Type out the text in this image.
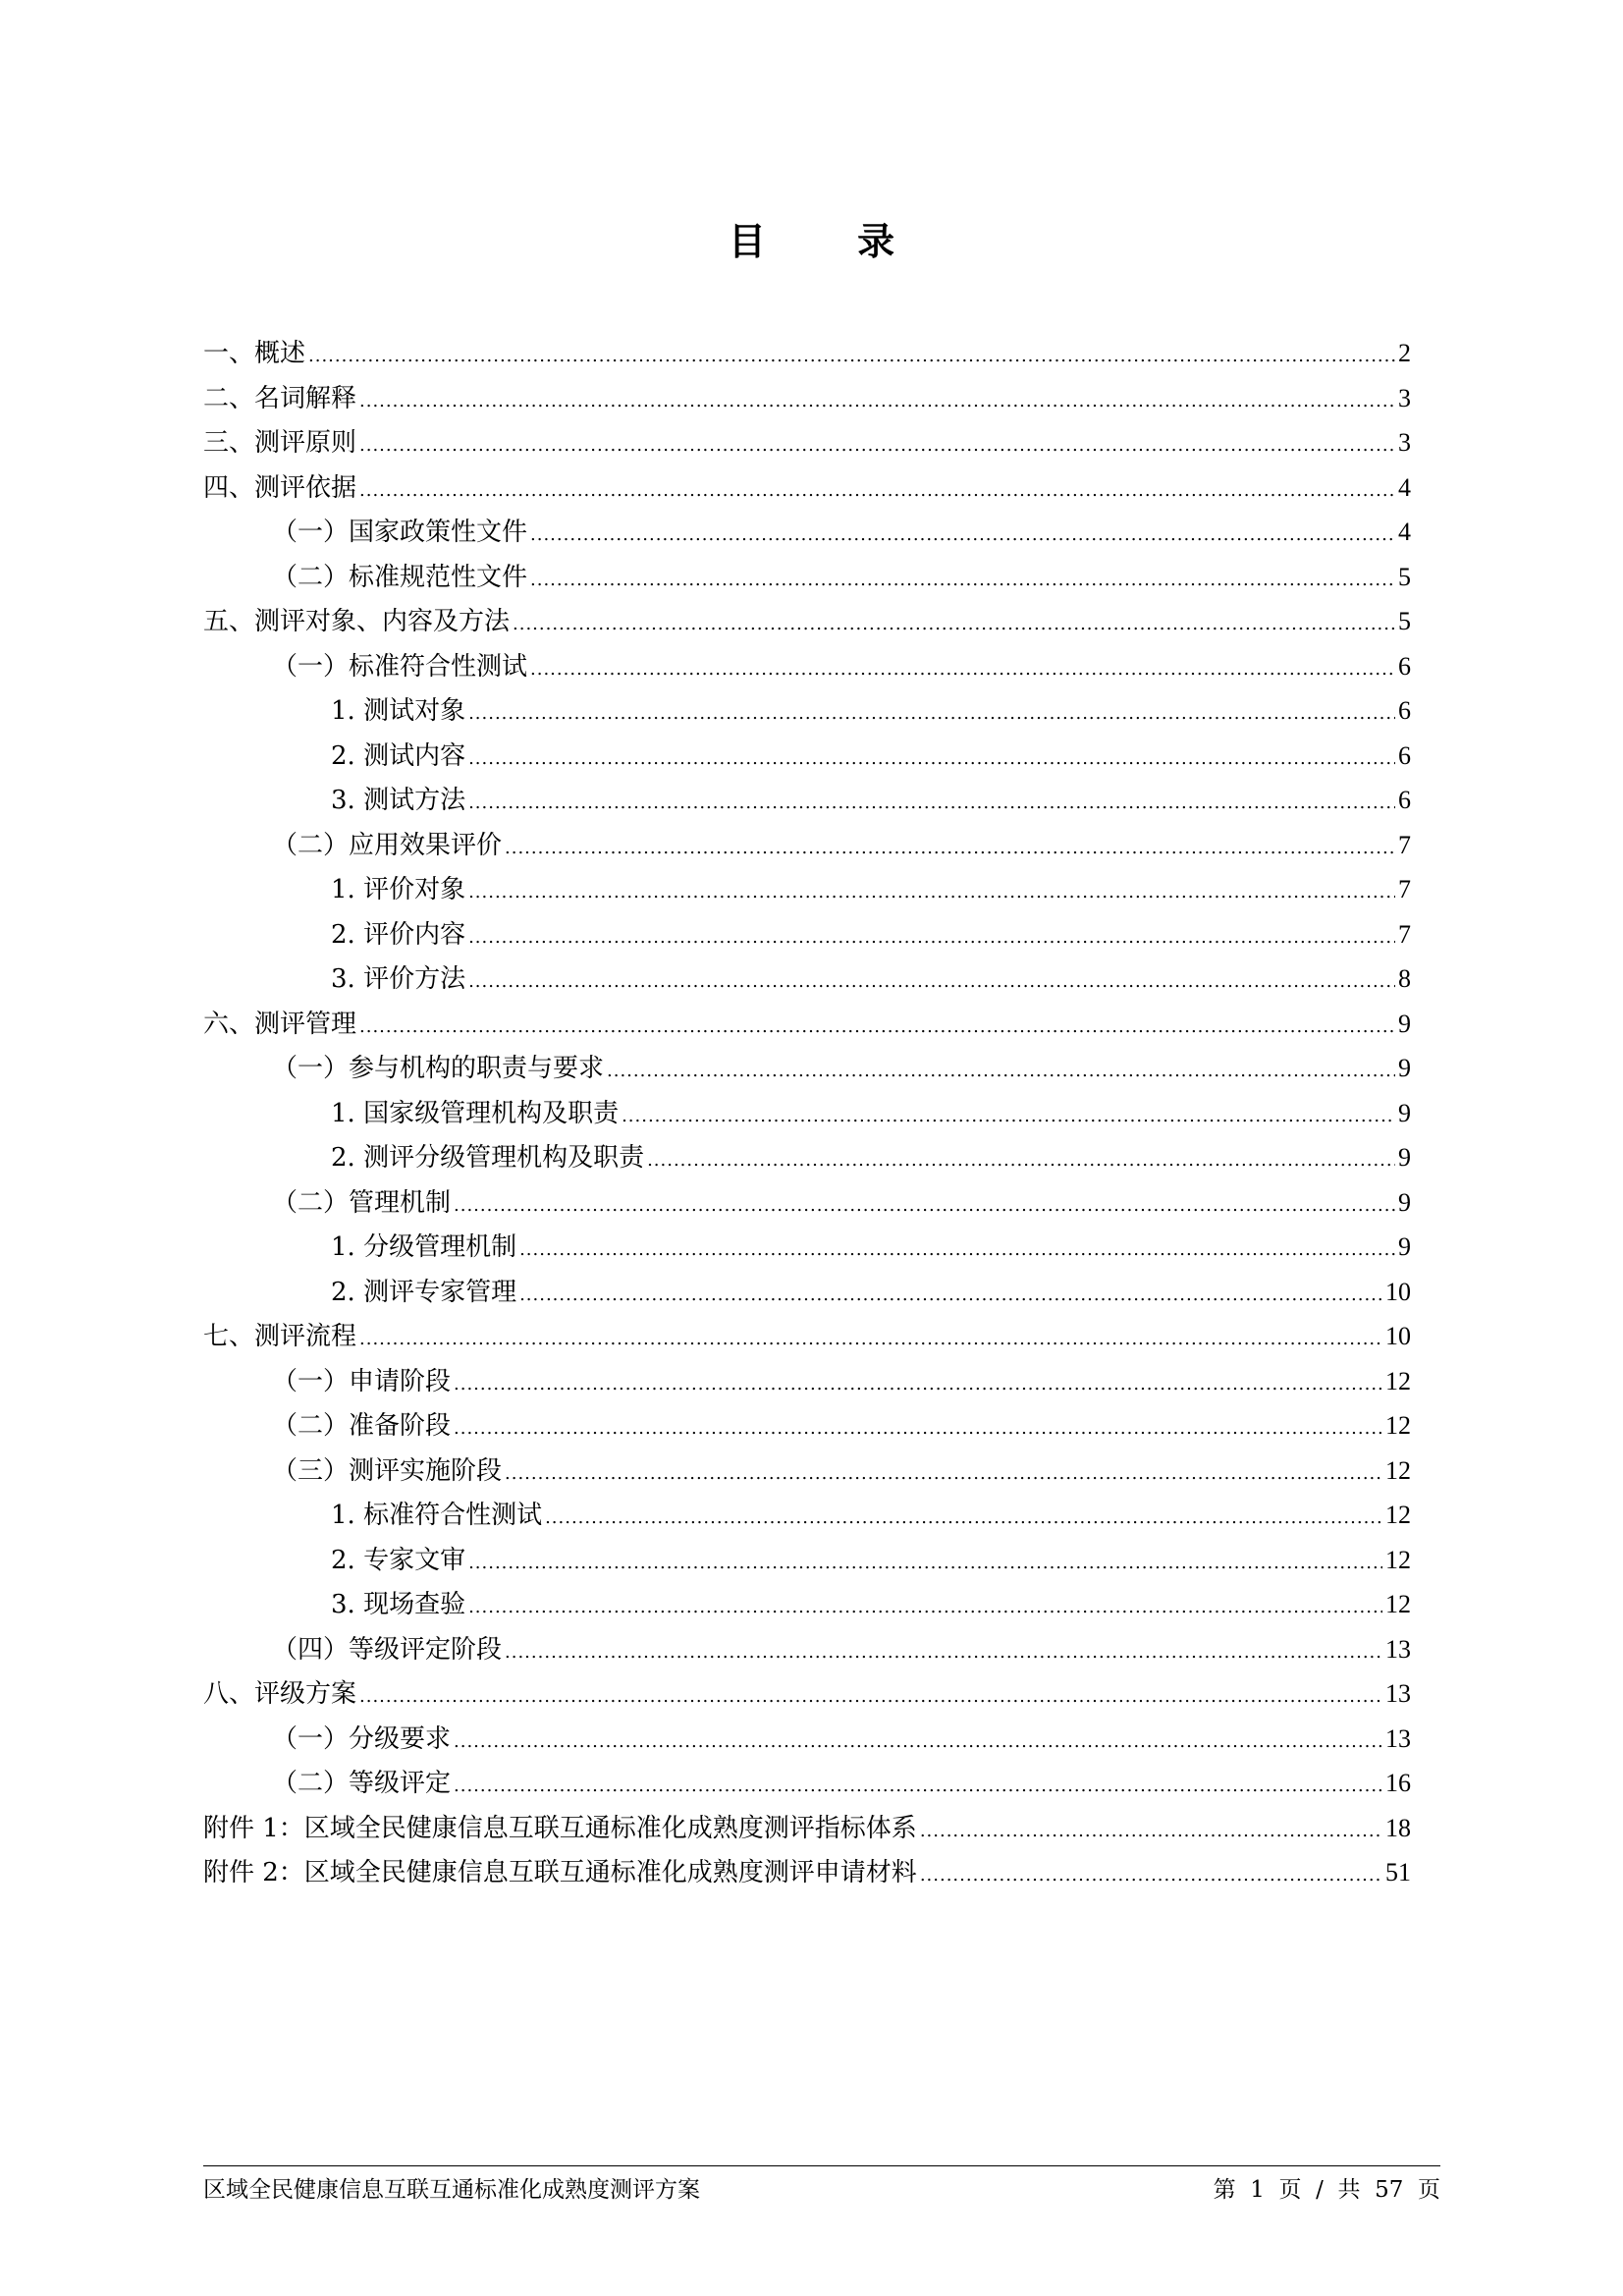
目 录
一、概述 .....	2
二、名词解释 .....	3
三、测评原则 .....	3
四、测评依据 .....	4
（一）国家政策性文件 .....	4
（二）标准规范性文件 .....	5
五、测评对象、内容及方法 .....	5
（一）标准符合性测试 .....	6
1. 测试对象 .....	6
2. 测试内容 .....	6
3. 测试方法 .....	6
（二）应用效果评价 .....	7
1. 评价对象 .....	7
2. 评价内容 .....	7
3. 评价方法 .....	8
六、测评管理 .....	9
（一）参与机构的职责与要求 .....	9
1. 国家级管理机构及职责 .....	9
2. 测评分级管理机构及职责 .....	9
（二）管理机制 .....	9
1. 分级管理机制 .....	9
2. 测评专家管理 .....	10
七、测评流程 .....	10
（一）申请阶段 .....	12
（二）准备阶段 .....	12
（三）测评实施阶段 .....	12
1. 标准符合性测试 .....	12
2. 专家文审 .....	12
3. 现场查验 .....	12
（四）等级评定阶段 .....	13
八、评级方案 .....	13
（一）分级要求 .....	13
（二）等级评定 .....	16
附件 1：区域全民健康信息互联互通标准化成熟度测评指标体系 .....	18
附件 2：区域全民健康信息互联互通标准化成熟度测评申请材料 .....	51
区域全民健康信息互联互通标准化成熟度测评方案	第  1  页  /  共  57  页
